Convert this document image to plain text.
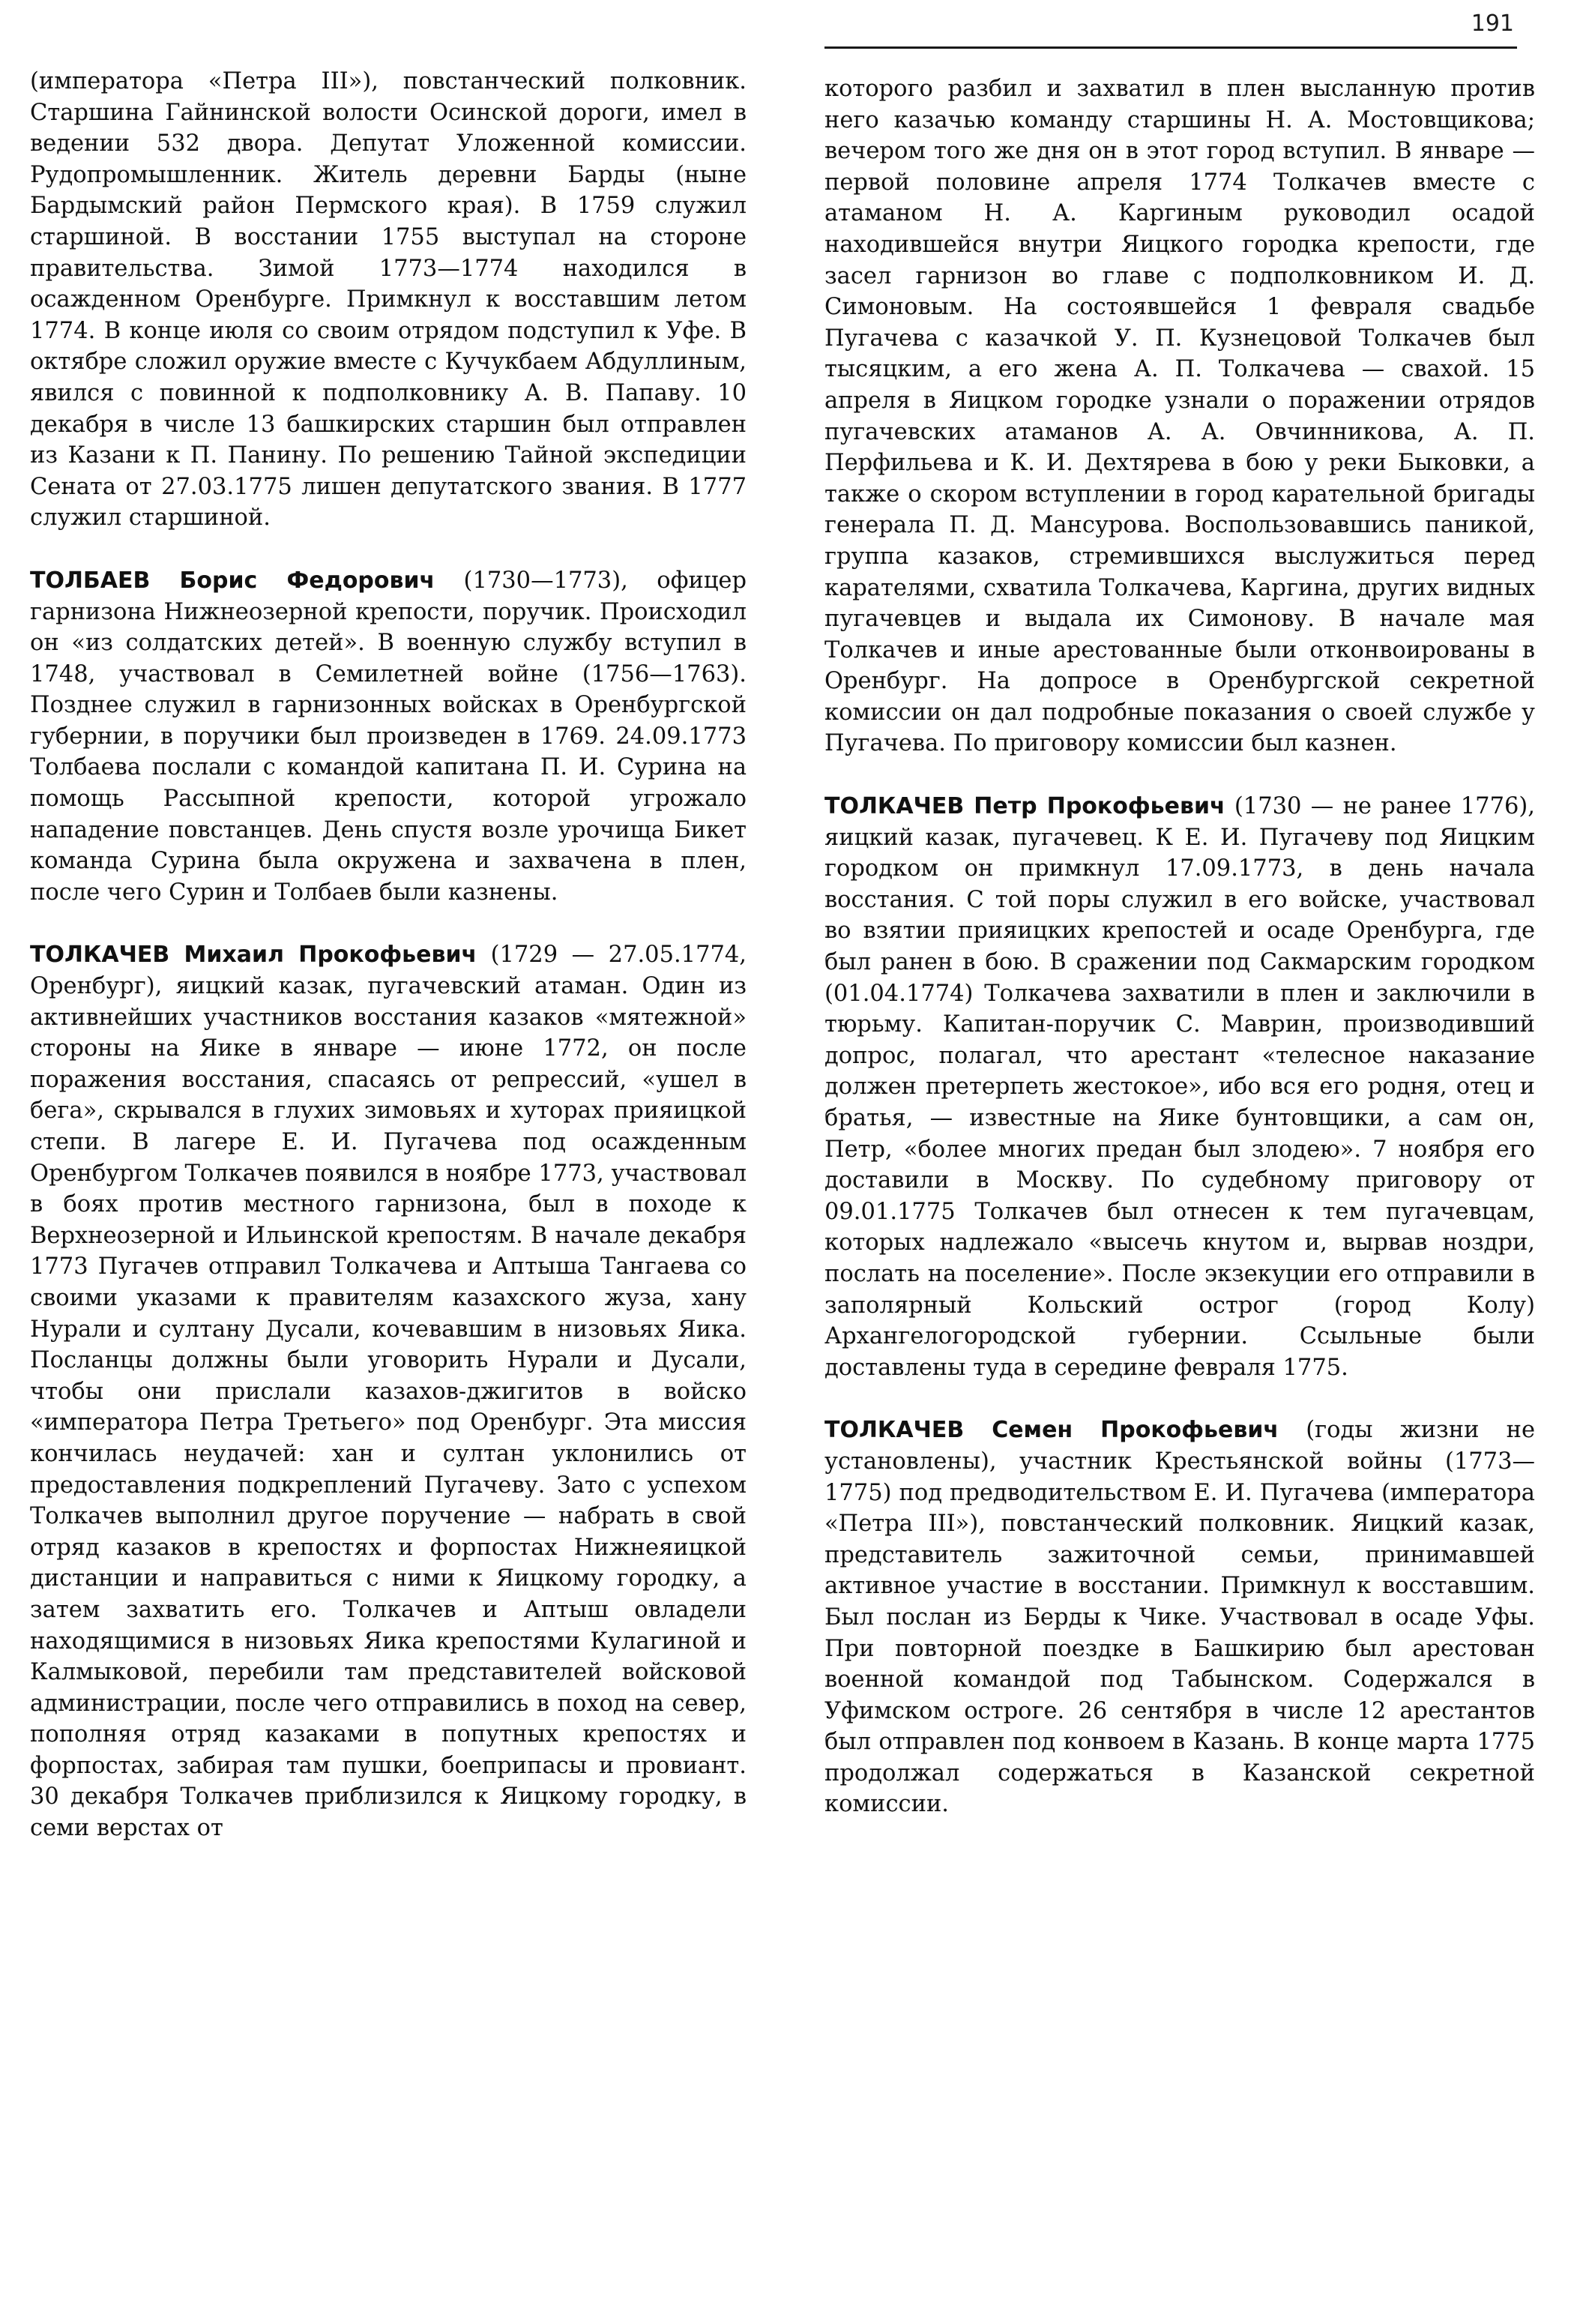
191

(императора «Петра III»), повстанческий полковник. Старшина Гайнинской волости Осинской дороги, имел в ведении 532 двора. Депутат Уложенной комиссии. Рудопромышленник. Житель деревни Барды (ныне Бардымский район Пермского края). В 1759 служил старшиной. В восстании 1755 выступал на стороне правительства. Зимой 1773—1774 находился в осажденном Оренбурге. Примкнул к восставшим летом 1774. В конце июля со своим отрядом подступил к Уфе. В октябре сложил оружие вместе с Кучукбаем Абдуллиным, явился с повинной к подполковнику А. В. Папаву. 10 декабря в числе 13 башкирских старшин был отправлен из Казани к П. Панину. По решению Тайной экспедиции Сената от 27.03.1775 лишен депутатского звания. В 1777 служил старшиной.

ТОЛБАЕВ Борис Федорович (1730—1773), офицер гарнизона Нижнеозерной крепости, поручик. Происходил он «из солдатских детей». В военную службу вступил в 1748, участвовал в Семилетней войне (1756—1763). Позднее служил в гарнизонных войсках в Оренбургской губернии, в поручики был произведен в 1769. 24.09.1773 Толбаева послали с командой капитана П. И. Сурина на помощь Рассыпной крепости, которой угрожало нападение повстанцев. День спустя возле урочища Бикет команда Сурина была окружена и захвачена в плен, после чего Сурин и Толбаев были казнены.

ТОЛКАЧЕВ Михаил Прокофьевич (1729 — 27.05.1774, Оренбург), яицкий казак, пугачевский атаман. Один из активнейших участников восстания казаков «мятежной» стороны на Яике в январе — июне 1772, он после поражения восстания, спасаясь от репрессий, «ушел в бега», скрывался в глухих зимовьях и хуторах прияицкой степи. В лагере Е. И. Пугачева под осажденным Оренбургом Толкачев появился в ноябре 1773, участвовал в боях против местного гарнизона, был в походе к Верхнеозерной и Ильинской крепостям. В начале декабря 1773 Пугачев отправил Толкачева и Аптыша Тангаева со своими указами к правителям казахского жуза, хану Нурали и султану Дусали, кочевавшим в низовьях Яика. Посланцы должны были уговорить Нурали и Дусали, чтобы они прислали казахов-джигитов в войско «императора Петра Третьего» под Оренбург. Эта миссия кончилась неудачей: хан и султан уклонились от предоставления подкреплений Пугачеву. Зато с успехом Толкачев выполнил другое поручение — набрать в свой отряд казаков в крепостях и форпостах Нижнеяицкой дистанции и направиться с ними к Яицкому городку, а затем захватить его. Толкачев и Аптыш овладели находящимися в низовьях Яика крепостями Кулагиной и Калмыковой, перебили там представителей войсковой администрации, после чего отправились в поход на север, пополняя отряд казаками в попутных крепостях и форпостах, забирая там пушки, боеприпасы и провиант. 30 декабря Толкачев приблизился к Яицкому городку, в семи верстах от

которого разбил и захватил в плен высланную против него казачью команду старшины Н. А. Мостовщикова; вечером того же дня он в этот город вступил. В январе — первой половине апреля 1774 Толкачев вместе с атаманом Н. А. Каргиным руководил осадой находившейся внутри Яицкого городка крепости, где засел гарнизон во главе с подполковником И. Д. Симоновым. На состоявшейся 1 февраля свадьбе Пугачева с казачкой У. П. Кузнецовой Толкачев был тысяцким, а его жена А. П. Толкачева — свахой. 15 апреля в Яицком городке узнали о поражении отрядов пугачевских атаманов А. А. Овчинникова, А. П. Перфильева и К. И. Дехтярева в бою у реки Быковки, а также о скором вступлении в город карательной бригады генерала П. Д. Мансурова. Воспользовавшись паникой, группа казаков, стремившихся выслужиться перед карателями, схватила Толкачева, Каргина, других видных пугачевцев и выдала их Симонову. В начале мая Толкачев и иные арестованные были отконвоированы в Оренбург. На допросе в Оренбургской секретной комиссии он дал подробные показания о своей службе у Пугачева. По приговору комиссии был казнен.

ТОЛКАЧЕВ Петр Прокофьевич (1730 — не ранее 1776), яицкий казак, пугачевец. К Е. И. Пугачеву под Яицким городком он примкнул 17.09.1773, в день начала восстания. С той поры служил в его войске, участвовал во взятии прияицких крепостей и осаде Оренбурга, где был ранен в бою. В сражении под Сакмарским городком (01.04.1774) Толкачева захватили в плен и заключили в тюрьму. Капитан-поручик С. Маврин, производивший допрос, полагал, что арестант «телесное наказание должен претерпеть жестокое», ибо вся его родня, отец и братья, — известные на Яике бунтовщики, а сам он, Петр, «более многих предан был злодею». 7 ноября его доставили в Москву. По судебному приговору от 09.01.1775 Толкачев был отнесен к тем пугачевцам, которых надлежало «высечь кнутом и, вырвав ноздри, послать на поселение». После экзекуции его отправили в заполярный Кольский острог (город Колу) Архангелогородской губернии. Ссыльные были доставлены туда в середине февраля 1775.

ТОЛКАЧЕВ Семен Прокофьевич (годы жизни не установлены), участник Крестьянской войны (1773—1775) под предводительством Е. И. Пугачева (императора «Петра III»), повстанческий полковник. Яицкий казак, представитель зажиточной семьи, принимавшей активное участие в восстании. Примкнул к восставшим. Был послан из Берды к Чике. Участвовал в осаде Уфы. При повторной поездке в Башкирию был арестован военной командой под Табынском. Содержался в Уфимском остроге. 26 сентября в числе 12 арестантов был отправлен под конвоем в Казань. В конце марта 1775 продолжал содержаться в Казанской секретной комиссии.
